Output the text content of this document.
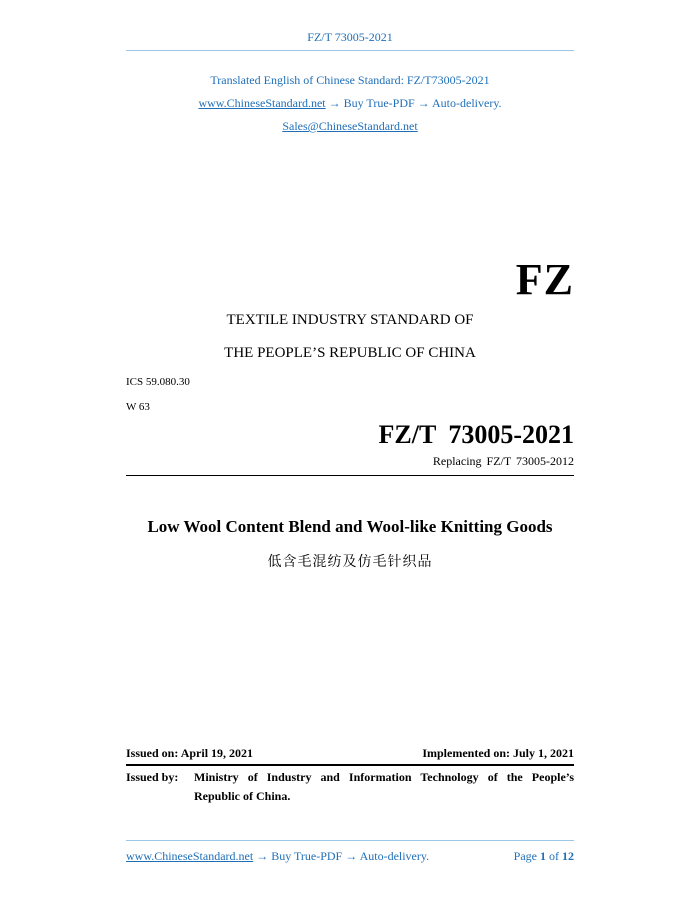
FZ/T 73005-2021
Translated English of Chinese Standard: FZ/T73005-2021
www.ChineseStandard.net → Buy True-PDF → Auto-delivery.
Sales@ChineseStandard.net
FZ
TEXTILE INDUSTRY STANDARD OF
THE PEOPLE’S REPUBLIC OF CHINA
ICS 59.080.30
W 63
FZ/T 73005-2021
Replacing FZ/T 73005-2012
Low Wool Content Blend and Wool-like Knitting Goods
低含毛混纺及仿毛针织品
Issued on: April 19, 2021	Implemented on: July 1, 2021
Issued by: Ministry of Industry and Information Technology of the People’s
Republic of China.
www.ChineseStandard.net → Buy True-PDF → Auto-delivery.	Page 1 of 12
